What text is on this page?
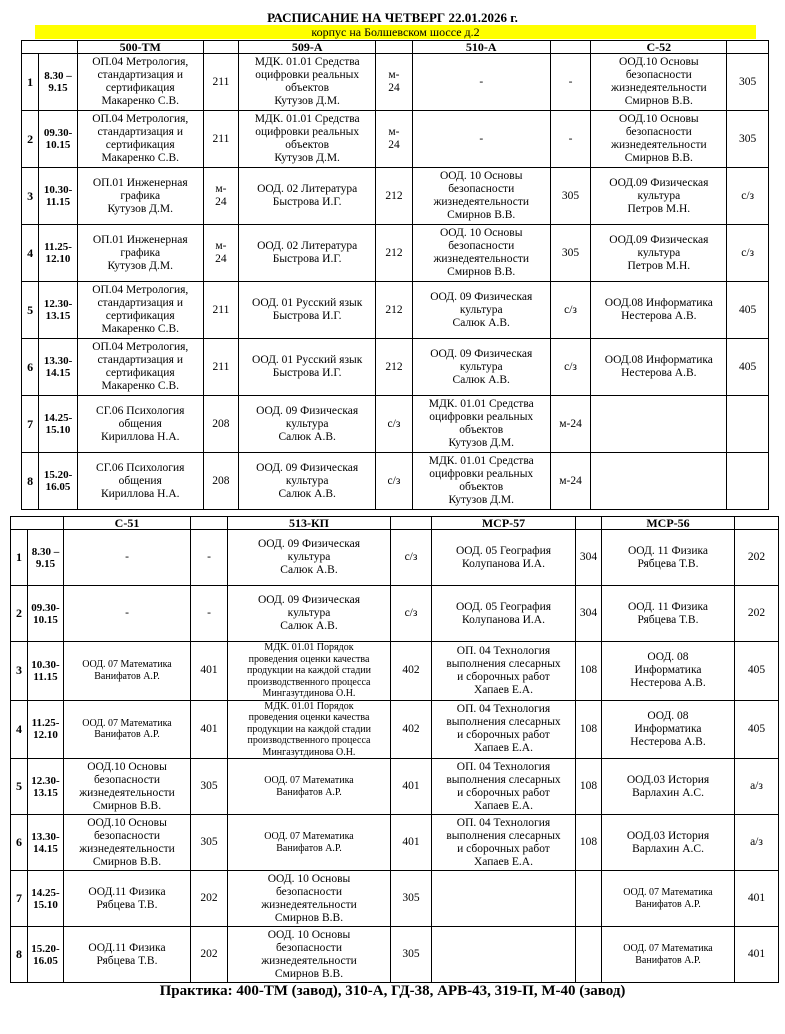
РАСПИСАНИЕ НА ЧЕТВЕРГ 22.01.2026 г.
корпус на Болшевском шоссе д.2
		500-ТМ		509-А		510-А		С-52	
1	8.30 –
9.15	ОП.04 Метрология,
стандартизация и
сертификация
Макаренко С.В.	211	МДК. 01.01 Средства
оцифровки реальных
объектов
Кутузов Д.М.	м-
24	-	-	ООД.10 Основы
безопасности
жизнедеятельности
Смирнов В.В.	305
2	09.30-
10.15	ОП.04 Метрология,
стандартизация и
сертификация
Макаренко С.В.	211	МДК. 01.01 Средства
оцифровки реальных
объектов
Кутузов Д.М.	м-
24	-	-	ООД.10 Основы
безопасности
жизнедеятельности
Смирнов В.В.	305
3	10.30-
11.15	ОП.01 Инженерная
графика
Кутузов Д.М.	м-
24	ООД. 02 Литература
Быстрова И.Г.	212	ООД. 10 Основы
безопасности
жизнедеятельности
Смирнов В.В.	305	ООД.09 Физическая
культура
Петров М.Н.	с/з
4	11.25-
12.10	ОП.01 Инженерная
графика
Кутузов Д.М.	м-
24	ООД. 02 Литература
Быстрова И.Г.	212	ООД. 10 Основы
безопасности
жизнедеятельности
Смирнов В.В.	305	ООД.09 Физическая
культура
Петров М.Н.	с/з
5	12.30-
13.15	ОП.04 Метрология,
стандартизация и
сертификация
Макаренко С.В.	211	ООД. 01 Русский язык
Быстрова И.Г.	212	ООД. 09 Физическая
культура
Салюк А.В.	с/з	ООД.08 Информатика
Нестерова А.В.	405
6	13.30-
14.15	ОП.04 Метрология,
стандартизация и
сертификация
Макаренко С.В.	211	ООД. 01 Русский язык
Быстрова И.Г.	212	ООД. 09 Физическая
культура
Салюк А.В.	с/з	ООД.08 Информатика
Нестерова А.В.	405
7	14.25-
15.10	СГ.06 Психология
общения
Кириллова Н.А.	208	ООД. 09 Физическая
культура
Салюк А.В.	с/з	МДК. 01.01 Средства
оцифровки реальных
объектов
Кутузов Д.М.	м-24	

8	15.20-
16.05	СГ.06 Психология
общения
Кириллова Н.А.	208	ООД. 09 Физическая
культура
Салюк А.В.	с/з	МДК. 01.01 Средства
оцифровки реальных
объектов
Кутузов Д.М.	м-24	

		С-51		513-КП		МСР-57		МСР-56	
1	8.30 –
9.15	-	-	ООД. 09 Физическая
культура
Салюк А.В.	с/з	ООД. 05 География
Колупанова И.А.	304	ООД. 11 Физика
Рябцева Т.В.	202
2	09.30-
10.15	-	-	ООД. 09 Физическая
культура
Салюк А.В.	с/з	ООД. 05 География
Колупанова И.А.	304	ООД. 11 Физика
Рябцева Т.В.	202
3	10.30-
11.15	ООД. 07 Математика
Ванифатов А.Р.	401	МДК. 01.01 Порядок
проведения оценки качества
продукции на каждой стадии
производственного процесса
Мингазутдинова О.Н.	402	ОП. 04 Технология
выполнения слесарных
и сборочных работ
Хапаев Е.А.	108	ООД. 08
Информатика
Нестерова А.В.	405
4	11.25-
12.10	ООД. 07 Математика
Ванифатов А.Р.	401	МДК. 01.01 Порядок
проведения оценки качества
продукции на каждой стадии
производственного процесса
Мингазутдинова О.Н.	402	ОП. 04 Технология
выполнения слесарных
и сборочных работ
Хапаев Е.А.	108	ООД. 08
Информатика
Нестерова А.В.	405
5	12.30-
13.15	ООД.10 Основы
безопасности
жизнедеятельности
Смирнов В.В.	305	ООД. 07 Математика
Ванифатов А.Р.	401	ОП. 04 Технология
выполнения слесарных
и сборочных работ
Хапаев Е.А.	108	ООД.03 История
Варлахин А.С.	а/з
6	13.30-
14.15	ООД.10 Основы
безопасности
жизнедеятельности
Смирнов В.В.	305	ООД. 07 Математика
Ванифатов А.Р.	401	ОП. 04 Технология
выполнения слесарных
и сборочных работ
Хапаев Е.А.	108	ООД.03 История
Варлахин А.С.	а/з
7	14.25-
15.10	ООД.11 Физика
Рябцева Т.В.	202	ООД. 10 Основы
безопасности
жизнедеятельности
Смирнов В.В.	305			ООД. 07 Математика
Ванифатов А.Р.	401
8	15.20-
16.05	ООД.11 Физика
Рябцева Т.В.	202	ООД. 10 Основы
безопасности
жизнедеятельности
Смирнов В.В.	305			ООД. 07 Математика
Ванифатов А.Р.	401
Практика: 400-ТМ (завод), 310-А, ГД-38, АРВ-43, 319-П, М-40 (завод)
